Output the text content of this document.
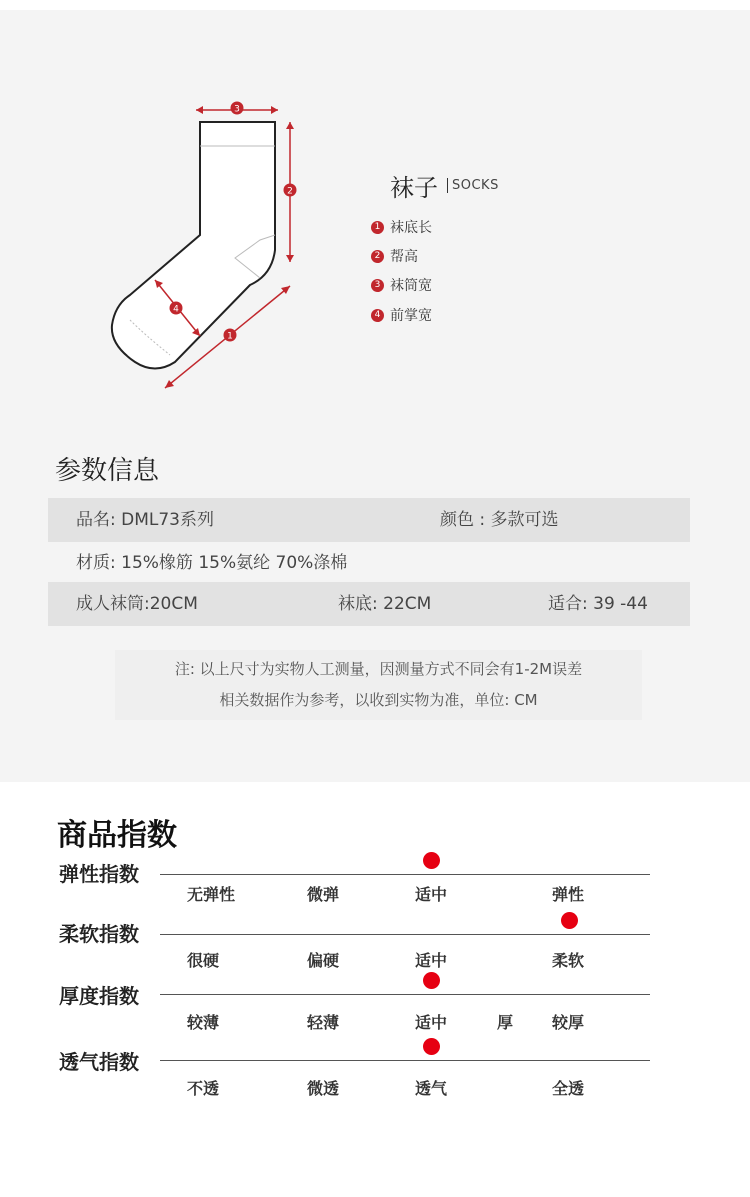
3
2
4
1
袜子	SOCKS
1 袜底长
2 帮高
3 袜筒宽
4 前掌宽
参数信息
品名: DML73系列	颜色 : 多款可选
材质: 15%橡筋 15%氨纶 70%涤棉
成人袜筒:20CM	袜底: 22CM	适合: 39 -44
注: 以上尺寸为实物人工测量，因测量方式不同会有1-2M误差
相关数据作为参考，以收到实物为准，单位: CM
商品指数
弹性指数
无弹性	微弹	适中	弹性
柔软指数
很硬	偏硬	适中	柔软
厚度指数
较薄	轻薄	适中	厚 较厚
透气指数
不透	微透	透气	全透
